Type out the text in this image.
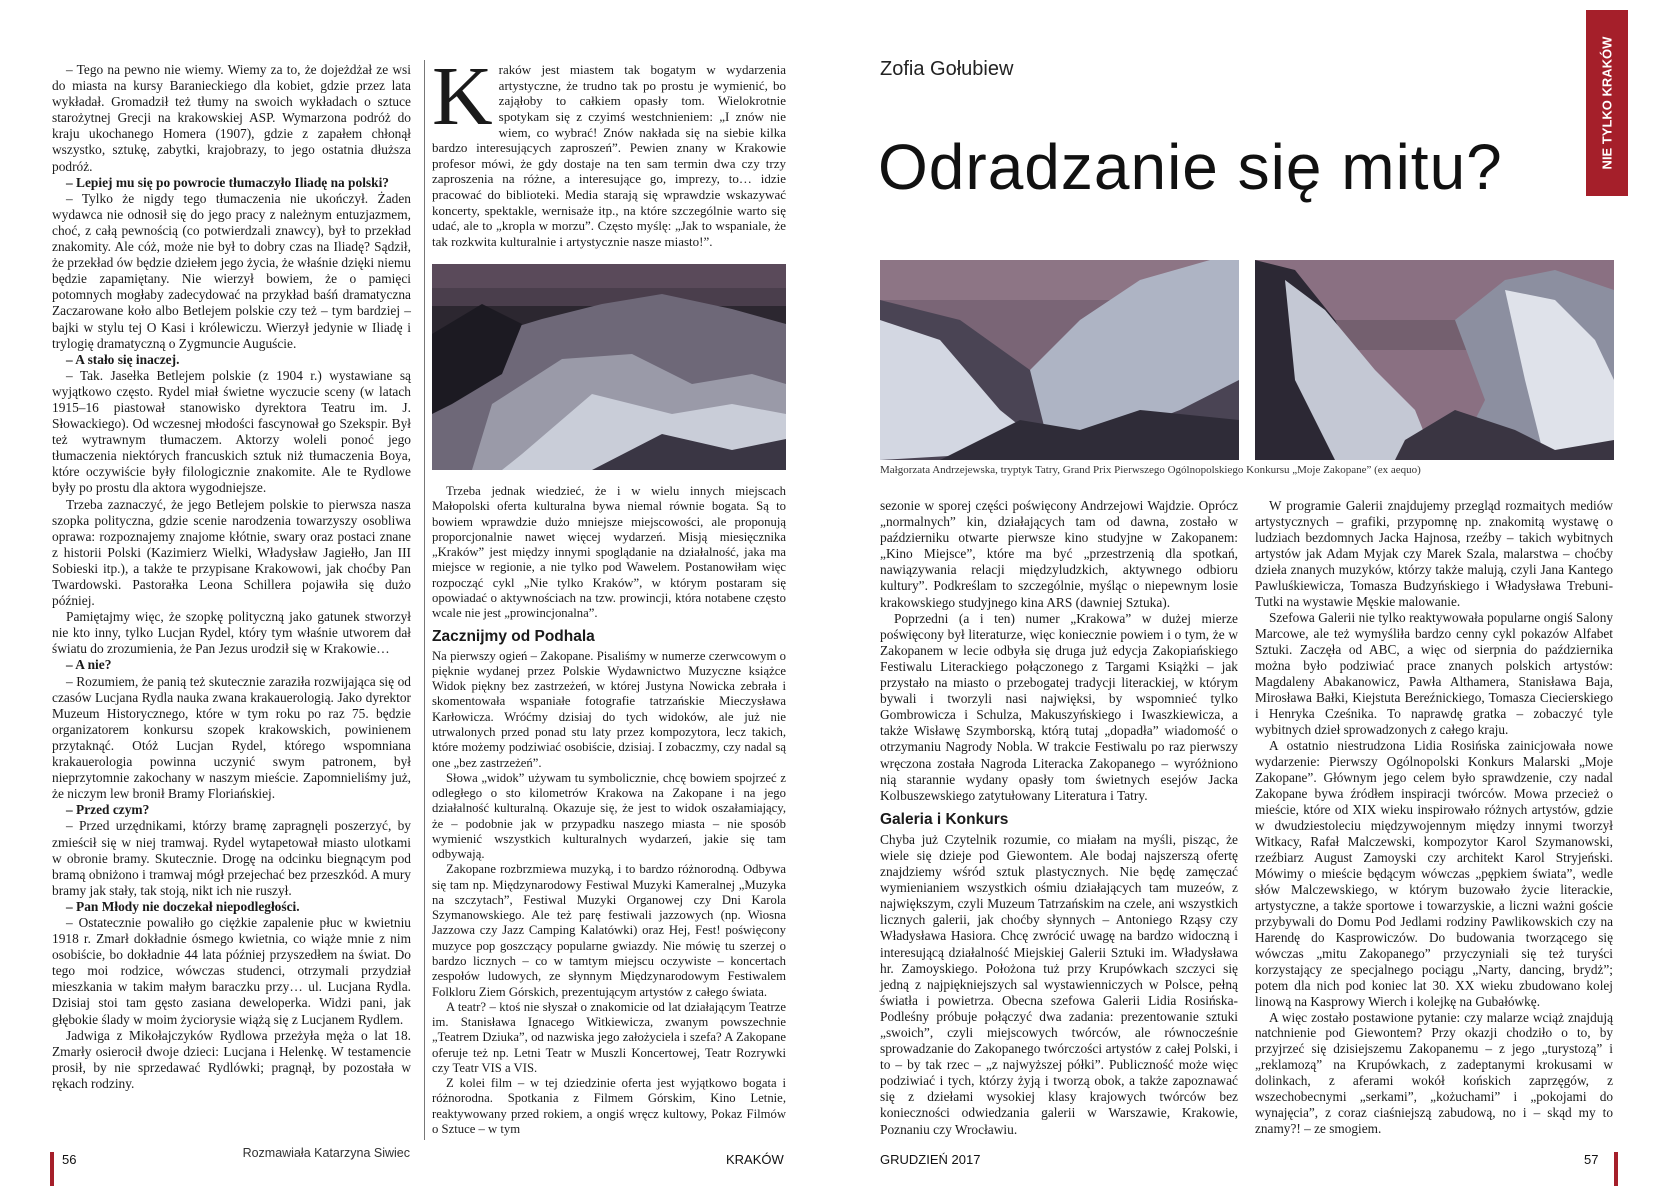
– Tego na pewno nie wiemy. Wiemy za to, że dojeżdżał ze wsi do miasta na kursy Baranieckiego dla kobiet, gdzie przez lata wykładał. Gromadził też tłumy na swoich wykładach o sztuce starożytnej Grecji na krakowskiej ASP. Wymarzona podróż do kraju ukochanego Homera (1907), gdzie z zapałem chłonął wszystko, sztukę, zabytki, krajobrazy, to jego ostatnia dłuższa podróż.

– Lepiej mu się po powrocie tłumaczyło Iliadę na polski?

– Tylko że nigdy tego tłumaczenia nie ukończył. Żaden wydawca nie odnosił się do jego pracy z należnym entuzjazmem, choć, z całą pewnością (co potwierdzali znawcy), był to przekład znakomity. Ale cóż, może nie był to dobry czas na Iliadę? Sądził, że przekład ów będzie dziełem jego życia, że właśnie dzięki niemu będzie zapamiętany. Nie wierzył bowiem, że o pamięci potomnych mogłaby zadecydować na przykład baśń dramatyczna Zaczarowane koło albo Betlejem polskie czy też – tym bardziej – bajki w stylu tej O Kasi i królewiczu. Wierzył jedynie w Iliadę i trylogię dramatyczną o Zygmuncie Auguście.

– A stało się inaczej.

– Tak. Jasełka Betlejem polskie (z 1904 r.) wystawiane są wyjątkowo często. Rydel miał świetne wyczucie sceny (w latach 1915–16 piastował stanowisko dyrektora Teatru im. J. Słowackiego). Od wczesnej młodości fascynował go Szekspir. Był też wytrawnym tłumaczem. Aktorzy woleli ponoć jego tłumaczenia niektórych francuskich sztuk niż tłumaczenia Boya, które oczywiście były filologicznie znakomite. Ale te Rydlowe były po prostu dla aktora wygodniejsze.

Trzeba zaznaczyć, że jego Betlejem polskie to pierwsza nasza szopka polityczna, gdzie scenie narodzenia towarzyszy osobliwa oprawa: rozpoznajemy znajome kłótnie, swary oraz postaci znane z historii Polski (Kazimierz Wielki, Władysław Jagiełło, Jan III Sobieski itp.), a także te przypisane Krakowowi, jak choćby Pan Twardowski. Pastorałka Leona Schillera pojawiła się dużo później.

Pamiętajmy więc, że szopkę polityczną jako gatunek stworzył nie kto inny, tylko Lucjan Rydel, który tym właśnie utworem dał światu do zrozumienia, że Pan Jezus urodził się w Krakowie…

– A nie?

– Rozumiem, że panią też skutecznie zaraziła rozwijająca się od czasów Lucjana Rydla nauka zwana krakauerologią. Jako dyrektor Muzeum Historycznego, które w tym roku po raz 75. będzie organizatorem konkursu szopek krakowskich, powinienem przytaknąć. Otóż Lucjan Rydel, którego wspomniana krakauerologia powinna uczynić swym patronem, był nieprzytomnie zakochany w naszym mieście. Zapomnieliśmy już, że niczym lew bronił Bramy Floriańskiej.

– Przed czym?

– Przed urzędnikami, którzy bramę zapragnęli poszerzyć, by zmieścił się w niej tramwaj. Rydel wytapetował miasto ulotkami w obronie bramy. Skutecznie. Drogę na odcinku biegnącym pod bramą obniżono i tramwaj mógł przejechać bez przeszkód. A mury bramy jak stały, tak stoją, nikt ich nie ruszył.

– Pan Młody nie doczekał niepodległości.

– Ostatecznie powaliło go ciężkie zapalenie płuc w kwietniu 1918 r. Zmarł dokładnie ósmego kwietnia, co wiąże mnie z nim osobiście, bo dokładnie 44 lata później przyszedłem na świat. Do tego moi rodzice, wówczas studenci, otrzymali przydział mieszkania w takim małym baraczku przy… ul. Lucjana Rydla. Dzisiaj stoi tam gęsto zasiana deweloperka. Widzi pani, jak głębokie ślady w moim życiorysie wiążą się z Lucjanem Rydlem.

Jadwiga z Mikołajczyków Rydlowa przeżyła męża o lat 18. Zmarły osierocił dwoje dzieci: Lucjana i Helenkę. W testamencie prosił, by nie sprzedawać Rydlówki; pragnął, by pozostała w rękach rodziny.

Rozmawiała Katarzyna Siwiec
K raków jest miastem tak bogatym w wydarzenia artystyczne, że trudno tak po prostu je wymienić, bo zająłoby to całkiem opasły tom. Wielokrotnie spotykam się z czyimś westchnieniem: „I znów nie wiem, co wybrać! Znów nakłada się na siebie kilka bardzo interesujących zaproszeń”. Pewien znany w Krakowie profesor mówi, że gdy dostaje na ten sam termin dwa czy trzy zaproszenia na różne, a interesujące go, imprezy, to… idzie pracować do biblioteki. Media starają się wprawdzie wskazywać koncerty, spektakle, wernisaże itp., na które szczególnie warto się udać, ale to „kropla w morzu”. Często myślę: „Jak to wspaniale, że tak rozkwita kulturalnie i artystycznie nasze miasto!”.

Trzeba jednak wiedzieć, że i w wielu innych miejscach Małopolski oferta kulturalna bywa niemal równie bogata. Są to bowiem wprawdzie dużo mniejsze miejscowości, ale proponują proporcjonalnie nawet więcej wydarzeń. Misją miesięcznika „Kraków” jest między innymi spoglądanie na działalność, jaka ma miejsce w regionie, a nie tylko pod Wawelem. Postanowiłam więc rozpocząć cykl „Nie tylko Kraków”, w którym postaram się opowiadać o aktywnościach na tzw. prowincji, która notabene często wcale nie jest „prowincjonalna”.

Zacznijmy od Podhala

Na pierwszy ogień – Zakopane. Pisaliśmy w numerze czerwcowym o pięknie wydanej przez Polskie Wydawnictwo Muzyczne książce Widok piękny bez zastrzeżeń, w której Justyna Nowicka zebrała i skomentowała wspaniałe fotografie tatrzańskie Mieczysława Karłowicza. Wróćmy dzisiaj do tych widoków, ale już nie utrwalonych przed ponad stu laty przez kompozytora, lecz takich, które możemy podziwiać osobiście, dzisiaj. I zobaczmy, czy nadal są one „bez zastrzeżeń”.

Słowa „widok” używam tu symbolicznie, chcę bowiem spojrzeć z odległego o sto kilometrów Krakowa na Zakopane i na jego działalność kulturalną. Okazuje się, że jest to widok oszałamiający, że – podobnie jak w przypadku naszego miasta – nie sposób wymienić wszystkich kulturalnych wydarzeń, jakie się tam odbywają.

Zakopane rozbrzmiewa muzyką, i to bardzo różnorodną. Odbywa się tam np. Międzynarodowy Festiwal Muzyki Kameralnej „Muzyka na szczytach”, Festiwal Muzyki Organowej czy Dni Karola Szymanowskiego. Ale też parę festiwali jazzowych (np. Wiosna Jazzowa czy Jazz Camping Kalatówki) oraz Hej, Fest! poświęcony muzyce pop goszczący popularne gwiazdy. Nie mówię tu szerzej o bardzo licznych – co w tamtym miejscu oczywiste – koncertach zespołów ludowych, ze słynnym Międzynarodowym Festiwalem Folkloru Ziem Górskich, prezentującym artystów z całego świata.

A teatr? – ktoś nie słyszał o znakomicie od lat działającym Teatrze im. Stanisława Ignacego Witkiewicza, zwanym powszechnie „Teatrem Dziuka”, od nazwiska jego założyciela i szefa? A Zakopane oferuje też np. Letni Teatr w Muszli Koncertowej, Teatr Rozrywki czy Teatr VIS a VIS.

Z kolei film – w tej dziedzinie oferta jest wyjątkowo bogata i różnorodna. Spotkania z Filmem Górskim, Kino Letnie, reaktywowany przed rokiem, a ongiś wręcz kultowy, Pokaz Filmów o Sztuce – w tym

Zofia Gołubiew
Odradzanie się mitu?	NIE TYLKO KRAKÓW
Małgorzata Andrzejewska, tryptyk Tatry, Grand Prix Pierwszego Ogólnopolskiego Konkursu „Moje Zakopane” (ex aequo)

sezonie w sporej części poświęcony Andrzejowi Wajdzie. Oprócz „normalnych” kin, działających tam od dawna, zostało w październiku otwarte pierwsze kino studyjne w Zakopanem: „Kino Miejsce”, które ma być „przestrzenią dla spotkań, nawiązywania relacji międzyludzkich, aktywnego odbioru kultury”. Podkreślam to szczególnie, myśląc o niepewnym losie krakowskiego studyjnego kina ARS (dawniej Sztuka).

Poprzedni (a i ten) numer „Krakowa” w dużej mierze poświęcony był literaturze, więc koniecznie powiem i o tym, że w Zakopanem w lecie odbyła się druga już edycja Zakopiańskiego Festiwalu Literackiego połączonego z Targami Książki – jak przystało na miasto o przebogatej tradycji literackiej, w którym bywali i tworzyli nasi najwięksi, by wspomnieć tylko Gombrowicza i Schulza, Makuszyńskiego i Iwaszkiewicza, a także Wisławę Szymborską, którą tutaj „dopadła” wiadomość o otrzymaniu Nagrody Nobla. W trakcie Festiwalu po raz pierwszy wręczona została Nagroda Literacka Zakopanego – wyróżniono nią starannie wydany opasły tom świetnych esejów Jacka Kolbuszewskiego zatytułowany Literatura i Tatry.

Galeria i Konkurs

Chyba już Czytelnik rozumie, co miałam na myśli, pisząc, że wiele się dzieje pod Giewontem. Ale bodaj najszerszą ofertę znajdziemy wśród sztuk plastycznych. Nie będę zamęczać wymienianiem wszystkich ośmiu działających tam muzeów, z największym, czyli Muzeum Tatrzańskim na czele, ani wszystkich licznych galerii, jak choćby słynnych – Antoniego Rząsy czy Władysława Hasiora. Chcę zwrócić uwagę na bardzo widoczną i interesującą działalność Miejskiej Galerii Sztuki im. Władysława hr. Zamoyskiego. Położona tuż przy Krupówkach szczyci się jedną z najpiękniejszych sal wystawienniczych w Polsce, pełną światła i powietrza. Obecna szefowa Galerii Lidia Rosińska-Podleśny próbuje połączyć dwa zadania: prezentowanie sztuki „swoich”, czyli miejscowych twórców, ale równocześnie sprowadzanie do Zakopanego twórczości artystów z całej Polski, i to – by tak rzec – „z najwyższej półki”. Publiczność może więc podziwiać i tych, którzy żyją i tworzą obok, a także zapoznawać się z dziełami wysokiej klasy krajowych twórców bez konieczności odwiedzania galerii w Warszawie, Krakowie, Poznaniu czy Wrocławiu.

W programie Galerii znajdujemy przegląd rozmaitych mediów artystycznych – grafiki, przypomnę np. znakomitą wystawę o ludziach bezdomnych Jacka Hajnosa, rzeźby – takich wybitnych artystów jak Adam Myjak czy Marek Szala, malarstwa – choćby dzieła znanych muzyków, którzy także malują, czyli Jana Kantego Pawluśkiewicza, Tomasza Budzyńskiego i Władysława Trebuni-Tutki na wystawie Męskie malowanie.

Szefowa Galerii nie tylko reaktywowała popularne ongiś Salony Marcowe, ale też wymyśliła bardzo cenny cykl pokazów Alfabet Sztuki. Zaczęła od ABC, a więc od sierpnia do października można było podziwiać prace znanych polskich artystów: Magdaleny Abakanowicz, Pawła Althamera, Stanisława Baja, Mirosława Bałki, Kiejstuta Bereźnickiego, Tomasza Ciecierskiego i Henryka Cześnika. To naprawdę gratka – zobaczyć tyle wybitnych dzieł sprowadzonych z całego kraju.

A ostatnio niestrudzona Lidia Rosińska zainicjowała nowe wydarzenie: Pierwszy Ogólnopolski Konkurs Malarski „Moje Zakopane”. Głównym jego celem było sprawdzenie, czy nadal Zakopane bywa źródłem inspiracji twórców. Mowa przecież o mieście, które od XIX wieku inspirowało różnych artystów, gdzie w dwudziestoleciu międzywojennym między innymi tworzył Witkacy, Rafał Malczewski, kompozytor Karol Szymanowski, rzeźbiarz August Zamoyski czy architekt Karol Stryjeński. Mówimy o mieście będącym wówczas „pępkiem świata”, wedle słów Malczewskiego, w którym buzowało życie literackie, artystyczne, a także sportowe i towarzyskie, a liczni ważni goście przybywali do Domu Pod Jedlami rodziny Pawlikowskich czy na Harendę do Kasprowiczów. Do budowania tworzącego się wówczas „mitu Zakopanego” przyczyniali się też turyści korzystający ze specjalnego pociągu „Narty, dancing, brydż”; potem dla nich pod koniec lat 30. XX wieku zbudowano kolej linową na Kasprowy Wierch i kolejkę na Gubałówkę.

A więc zostało postawione pytanie: czy malarze wciąż znajdują natchnienie pod Giewontem? Przy okazji chodziło o to, by przyjrzeć się dzisiejszemu Zakopanemu – z jego „turystozą” i „reklamozą” na Krupówkach, z zadeptanymi krokusami w dolinkach, z aferami wokół końskich zaprzęgów, z wszechobecnymi „serkami”, „kożuchami” i „pokojami do wynajęcia”, z coraz ciaśniejszą zabudową, no i – skąd my to znamy?! – ze smogiem.

56	KRAKÓW	GRUDZIEŃ 2017	57
